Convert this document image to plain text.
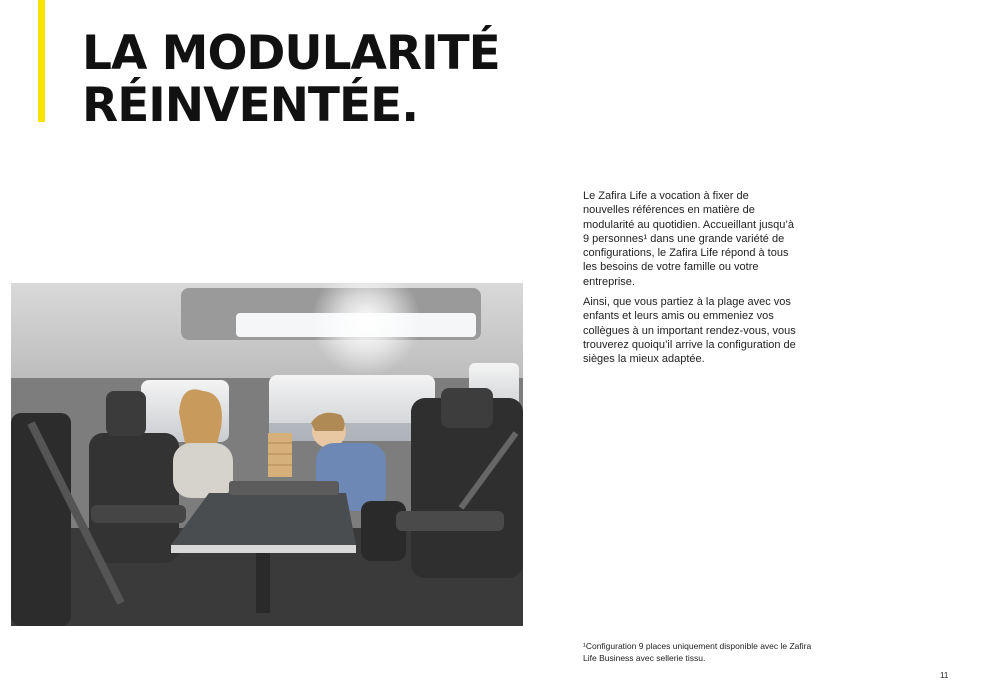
LA MODULARITÉ
RÉINVENTÉE.

Le Zafira Life a vocation à fixer de nouvelles références en matière de modularité au quotidien. Accueillant jusqu’à 9 personnes¹ dans une grande variété de configurations, le Zafira Life répond à tous les besoins de votre famille ou votre entreprise.

Ainsi, que vous partiez à la plage avec vos enfants et leurs amis ou emmeniez vos collègues à un important rendez-vous, vous trouverez quoiqu’il arrive la configuration de sièges la mieux adaptée.

¹Configuration 9 places uniquement disponible avec le Zafira Life Business avec sellerie tissu.

11
